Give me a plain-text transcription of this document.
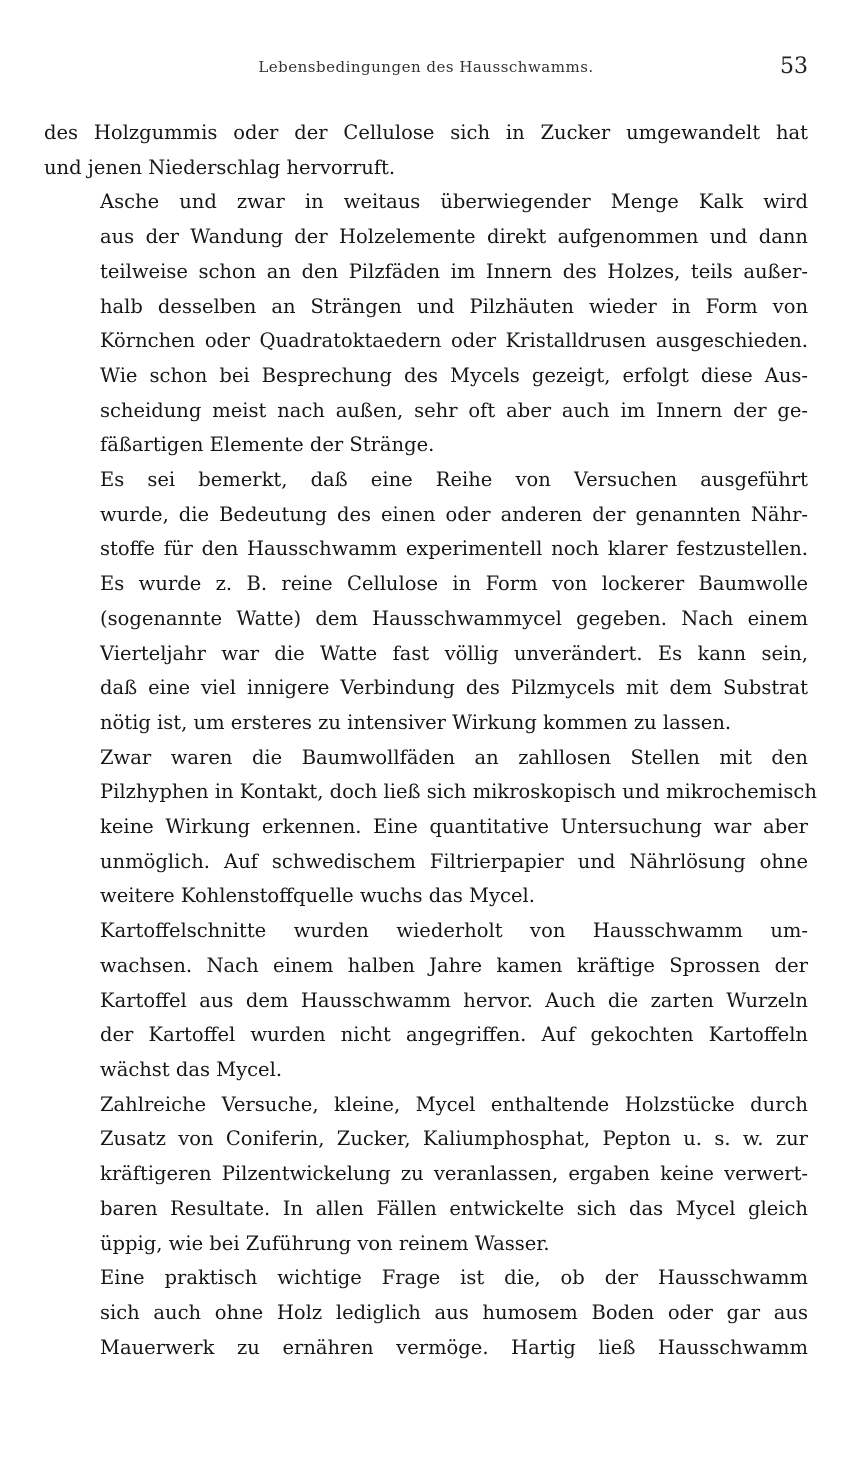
Lebensbedingungen des Hausschwamms.	53

des Holzgummis oder der Cellulose sich in Zucker umgewandelt hat
und jenen Niederschlag hervorruft.

Asche und zwar in weitaus überwiegender Menge Kalk wird
aus der Wandung der Holzelemente direkt aufgenommen und dann
teilweise schon an den Pilzfäden im Innern des Holzes, teils außer-
halb desselben an Strängen und Pilzhäuten wieder in Form von
Körnchen oder Quadratoktaedern oder Kristalldrusen ausgeschieden.
Wie schon bei Besprechung des Mycels gezeigt, erfolgt diese Aus-
scheidung meist nach außen, sehr oft aber auch im Innern der ge-
fäßartigen Elemente der Stränge.

Es sei bemerkt, daß eine Reihe von Versuchen ausgeführt
wurde, die Bedeutung des einen oder anderen der genannten Nähr-
stoffe für den Hausschwamm experimentell noch klarer festzustellen.
Es wurde z. B. reine Cellulose in Form von lockerer Baumwolle
(sogenannte Watte) dem Hausschwammycel gegeben. Nach einem
Vierteljahr war die Watte fast völlig unverändert. Es kann sein,
daß eine viel innigere Verbindung des Pilzmycels mit dem Substrat
nötig ist, um ersteres zu intensiver Wirkung kommen zu lassen.

Zwar waren die Baumwollfäden an zahllosen Stellen mit den
Pilzhyphen in Kontakt, doch ließ sich mikroskopisch und mikrochemisch
keine Wirkung erkennen. Eine quantitative Untersuchung war aber
unmöglich. Auf schwedischem Filtrierpapier und Nährlösung ohne
weitere Kohlenstoffquelle wuchs das Mycel.

Kartoffelschnitte wurden wiederholt von Hausschwamm um-
wachsen. Nach einem halben Jahre kamen kräftige Sprossen der
Kartoffel aus dem Hausschwamm hervor. Auch die zarten Wurzeln
der Kartoffel wurden nicht angegriffen. Auf gekochten Kartoffeln
wächst das Mycel.

Zahlreiche Versuche, kleine, Mycel enthaltende Holzstücke durch
Zusatz von Coniferin, Zucker, Kaliumphosphat, Pepton u. s. w. zur
kräftigeren Pilzentwickelung zu veranlassen, ergaben keine verwert-
baren Resultate. In allen Fällen entwickelte sich das Mycel gleich
üppig, wie bei Zuführung von reinem Wasser.

Eine praktisch wichtige Frage ist die, ob der Hausschwamm
sich auch ohne Holz lediglich aus humosem Boden oder gar aus
Mauerwerk zu ernähren vermöge. Hartig ließ Hausschwamm
